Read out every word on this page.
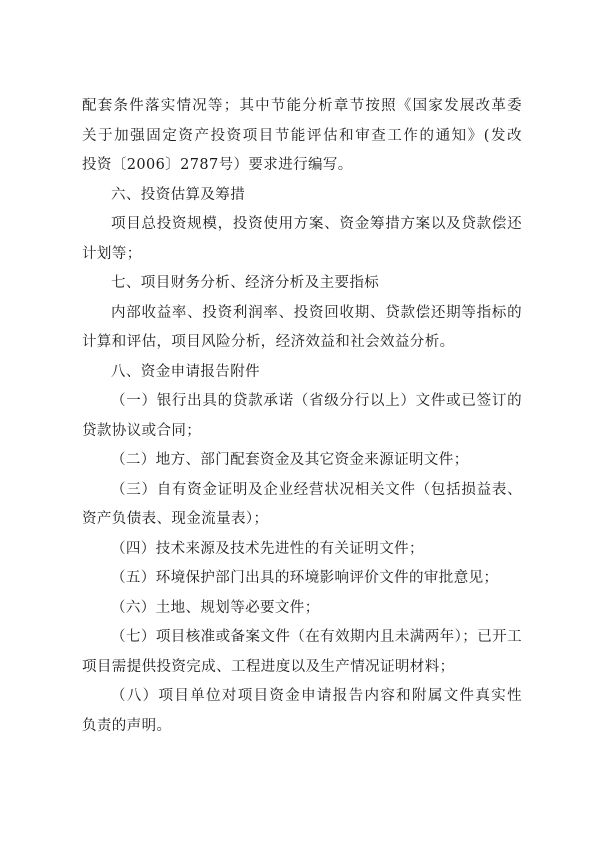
配套条件落实情况等；其中节能分析章节按照《国家发展改革委
关于加强固定资产投资项目节能评估和审查工作的通知》(发改
投资〔2006〕2787号）要求进行编写。
六、投资估算及筹措
项目总投资规模，投资使用方案、资金筹措方案以及贷款偿还
计划等；
七、项目财务分析、经济分析及主要指标
内部收益率、投资利润率、投资回收期、贷款偿还期等指标的
计算和评估，项目风险分析，经济效益和社会效益分析。
八、资金申请报告附件
（一）银行出具的贷款承诺（省级分行以上）文件或已签订的
贷款协议或合同；
（二）地方、部门配套资金及其它资金来源证明文件；
（三）自有资金证明及企业经营状况相关文件（包括损益表、
资产负债表、现金流量表）；
（四）技术来源及技术先进性的有关证明文件；
（五）环境保护部门出具的环境影响评价文件的审批意见；
（六）土地、规划等必要文件；
（七）项目核准或备案文件（在有效期内且未满两年）；已开工
项目需提供投资完成、工程进度以及生产情况证明材料；
（八）项目单位对项目资金申请报告内容和附属文件真实性
负责的声明。
